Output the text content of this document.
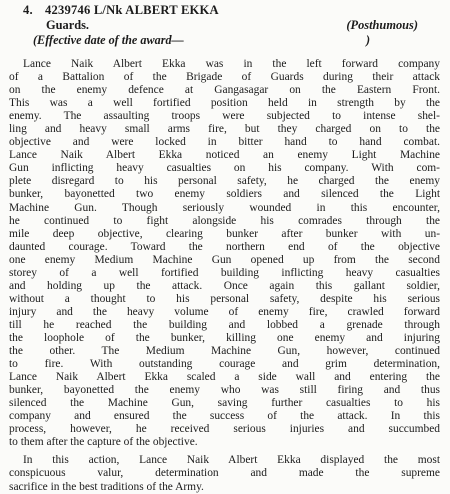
4. 4239746 L/Nk ALBERT EKKA
Guards.	(Posthumous)
(Effective date of the award—	)
Lance Naik Albert Ekka was in the left forward company
of a Battalion of the Brigade of Guards during their attack
on the enemy defence at Gangasagar on the Eastern Front.
This was a well fortified position held in strength by the
enemy. The assaulting troops were subjected to intense shel-
ling and heavy small arms fire, but they charged on to the
objective and were locked in bitter hand to hand combat.
Lance Naik Albert Ekka noticed an enemy Light Machine
Gun inflicting heavy casualties on his company. With com-
plete disregard to his personal safety, he charged the enemy
bunker, bayonetted two enemy soldiers and silenced the Light
Machine Gun. Though seriously wounded in this encounter,
he continued to fight alongside his comrades through the
mile deep objective, clearing bunker after bunker with un-
daunted courage. Toward the northern end of the objective
one enemy Medium Machine Gun opened up from the second
storey of a well fortified building inflicting heavy casualties
and holding up the attack. Once again this gallant soldier,
without a thought to his personal safety, despite his serious
injury and the heavy volume of enemy fire, crawled forward
till he reached the building and lobbed a grenade through
the loophole of the bunker, killing one enemy and injuring
the other. The Medium Machine Gun, however, continued
to fire. With outstanding courage and grim determination,
Lance Naik Albert Ekka scaled a side wall and entering the
bunker, bayonetted the enemy who was still firing and thus
silenced the Machine Gun, saving further casualties to his
company and ensured the success of the attack. In this
process, however, he received serious injuries and succumbed
to them after the capture of the objective.
In this action, Lance Naik Albert Ekka displayed the most
conspicuous valur, determination and made the supreme
sacrifice in the best traditions of the Army.
